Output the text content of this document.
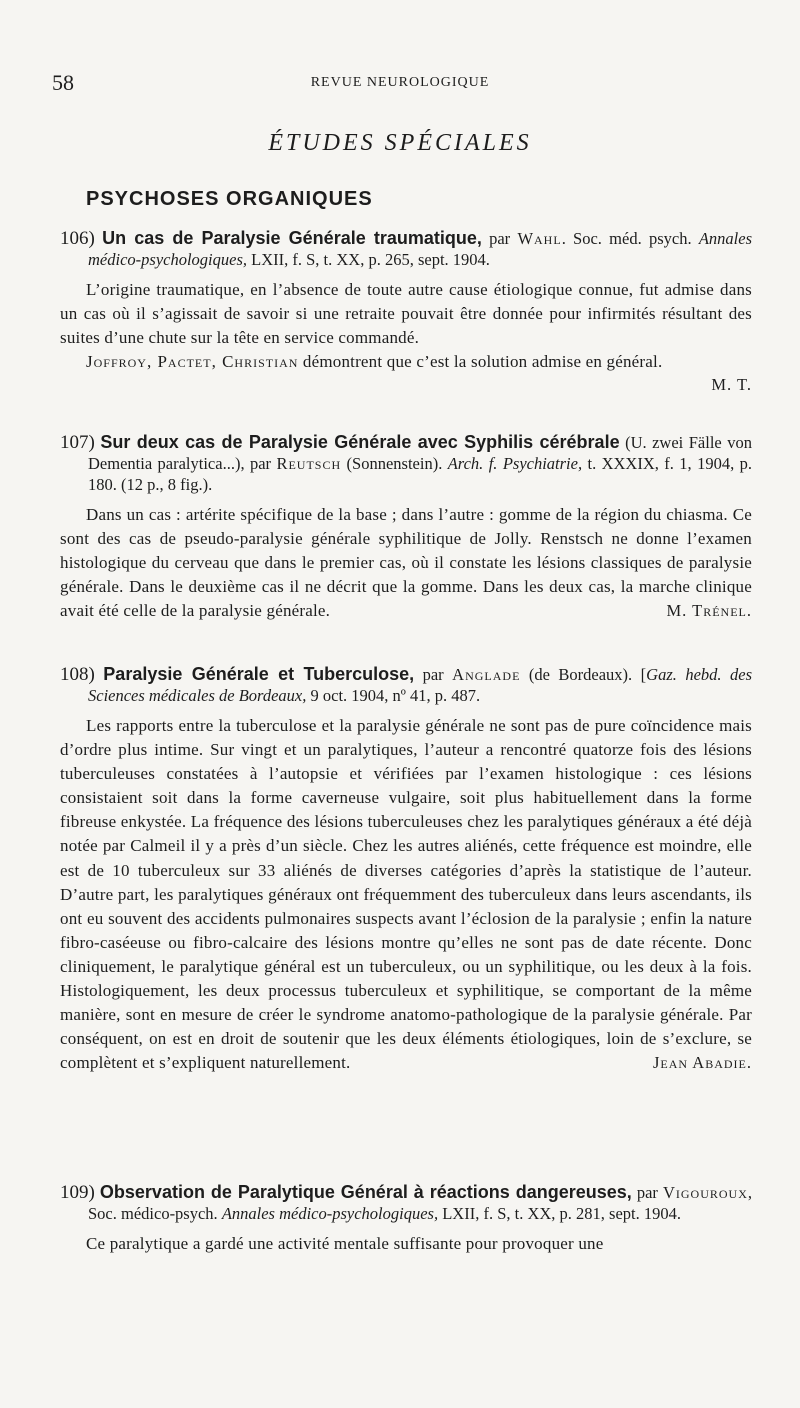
58	REVUE NEUROLOGIQUE
ÉTUDES SPÉCIALES
PSYCHOSES ORGANIQUES

106) Un cas de Paralysie Générale traumatique, par Wahl. Soc. méd. psych. Annales médico-psychologiques, LXII, f. S, t. XX, p. 265, sept. 1904.

L’origine traumatique, en l’absence de toute autre cause étiologique connue, fut admise dans un cas où il s’agissait de savoir si une retraite pouvait être donnée pour infirmités résultant des suites d’une chute sur la tête en service commandé.

Joffroy, Pactet, Christian démontrent que c’est la solution admise en général.

M. T.

107) Sur deux cas de Paralysie Générale avec Syphilis cérébrale (U. zwei Fälle von Dementia paralytica...), par Reutsch (Sonnenstein). Arch. f. Psychiatrie, t. XXXIX, f. 1, 1904, p. 180. (12 p., 8 fig.).

Dans un cas : artérite spécifique de la base ; dans l’autre : gomme de la région du chiasma. Ce sont des cas de pseudo-paralysie générale syphilitique de Jolly. Renstsch ne donne l’examen histologique du cerveau que dans le premier cas, où il constate les lésions classiques de paralysie générale. Dans le deuxième cas il ne décrit que la gomme. Dans les deux cas, la marche clinique avait été celle de la paralysie générale.	M. Trénel.

108) Paralysie Générale et Tuberculose, par Anglade (de Bordeaux). [Gaz. hebd. des Sciences médicales de Bordeaux, 9 oct. 1904, nº 41, p. 487.

Les rapports entre la tuberculose et la paralysie générale ne sont pas de pure coïncidence mais d’ordre plus intime. Sur vingt et un paralytiques, l’auteur a rencontré quatorze fois des lésions tuberculeuses constatées à l’autopsie et vérifiées par l’examen histologique : ces lésions consistaient soit dans la forme caverneuse vulgaire, soit plus habituellement dans la forme fibreuse enkystée. La fréquence des lésions tuberculeuses chez les paralytiques généraux a été déjà notée par Calmeil il y a près d’un siècle. Chez les autres aliénés, cette fréquence est moindre, elle est de 10 tuberculeux sur 33 aliénés de diverses catégories d’après la statistique de l’auteur. D’autre part, les paralytiques généraux ont fréquemment des tuberculeux dans leurs ascendants, ils ont eu souvent des accidents pulmonaires suspects avant l’éclosion de la paralysie ; enfin la nature fibro-caséeuse ou fibro-calcaire des lésions montre qu’elles ne sont pas de date récente. Donc cliniquement, le paralytique général est un tuberculeux, ou un syphilitique, ou les deux à la fois. Histologiquement, les deux processus tuberculeux et syphilitique, se comportant de la même manière, sont en mesure de créer le syndrome anatomo-pathologique de la paralysie générale. Par conséquent, on est en droit de soutenir que les deux éléments étiologiques, loin de s’exclure, se complètent et s’expliquent naturellement.	Jean Abadie.

109) Observation de Paralytique Général à réactions dangereuses, par Vigouroux, Soc. médico-psych. Annales médico-psychologiques, LXII, f. S, t. XX, p. 281, sept. 1904.

Ce paralytique a gardé une activité mentale suffisante pour provoquer une
